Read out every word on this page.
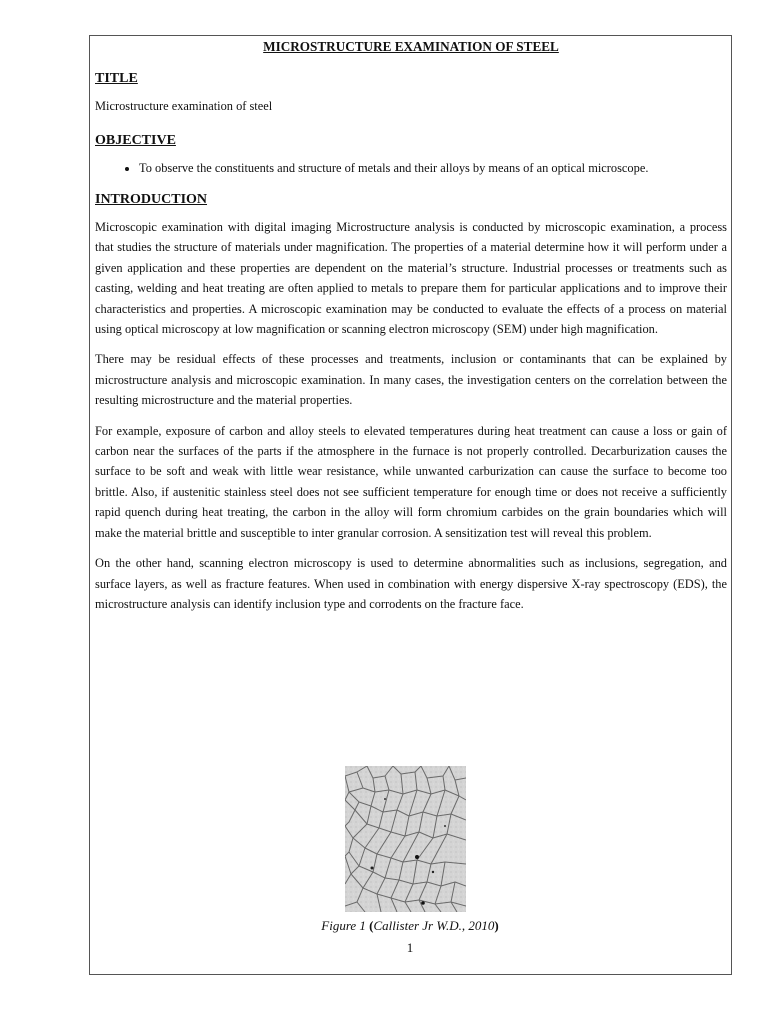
MICROSTRUCTURE EXAMINATION OF STEEL
TITLE

Microstructure examination of steel

OBJECTIVE
• To observe the constituents and structure of metals and their alloys by means of an optical microscope.
INTRODUCTION

Microscopic examination with digital imaging Microstructure analysis is conducted by microscopic examination, a process that studies the structure of materials under magnification. The properties of a material determine how it will perform under a given application and these properties are dependent on the material’s structure. Industrial processes or treatments such as casting, welding and heat treating are often applied to metals to prepare them for particular applications and to improve their characteristics and properties. A microscopic examination may be conducted to evaluate the effects of a process on material using optical microscopy at low magnification or scanning electron microscopy (SEM) under high magnification.

There may be residual effects of these processes and treatments, inclusion or contaminants that can be explained by microstructure analysis and microscopic examination. In many cases, the investigation centers on the correlation between the resulting microstructure and the material properties.

For example, exposure of carbon and alloy steels to elevated temperatures during heat treatment can cause a loss or gain of carbon near the surfaces of the parts if the atmosphere in the furnace is not properly controlled. Decarburization causes the surface to be soft and weak with little wear resistance, while unwanted carburization can cause the surface to become too brittle. Also, if austenitic stainless steel does not see sufficient temperature for enough time or does not receive a sufficiently rapid quench during heat treating, the carbon in the alloy will form chromium carbides on the grain boundaries which will make the material brittle and susceptible to inter granular corrosion. A sensitization test will reveal this problem.

On the other hand, scanning electron microscopy is used to determine abnormalities such as inclusions, segregation, and surface layers, as well as fracture features. When used in combination with energy dispersive X-ray spectroscopy (EDS), the microstructure analysis can identify inclusion type and corrodents on the fracture face.

Figure 1 (Callister Jr W.D., 2010)
1
